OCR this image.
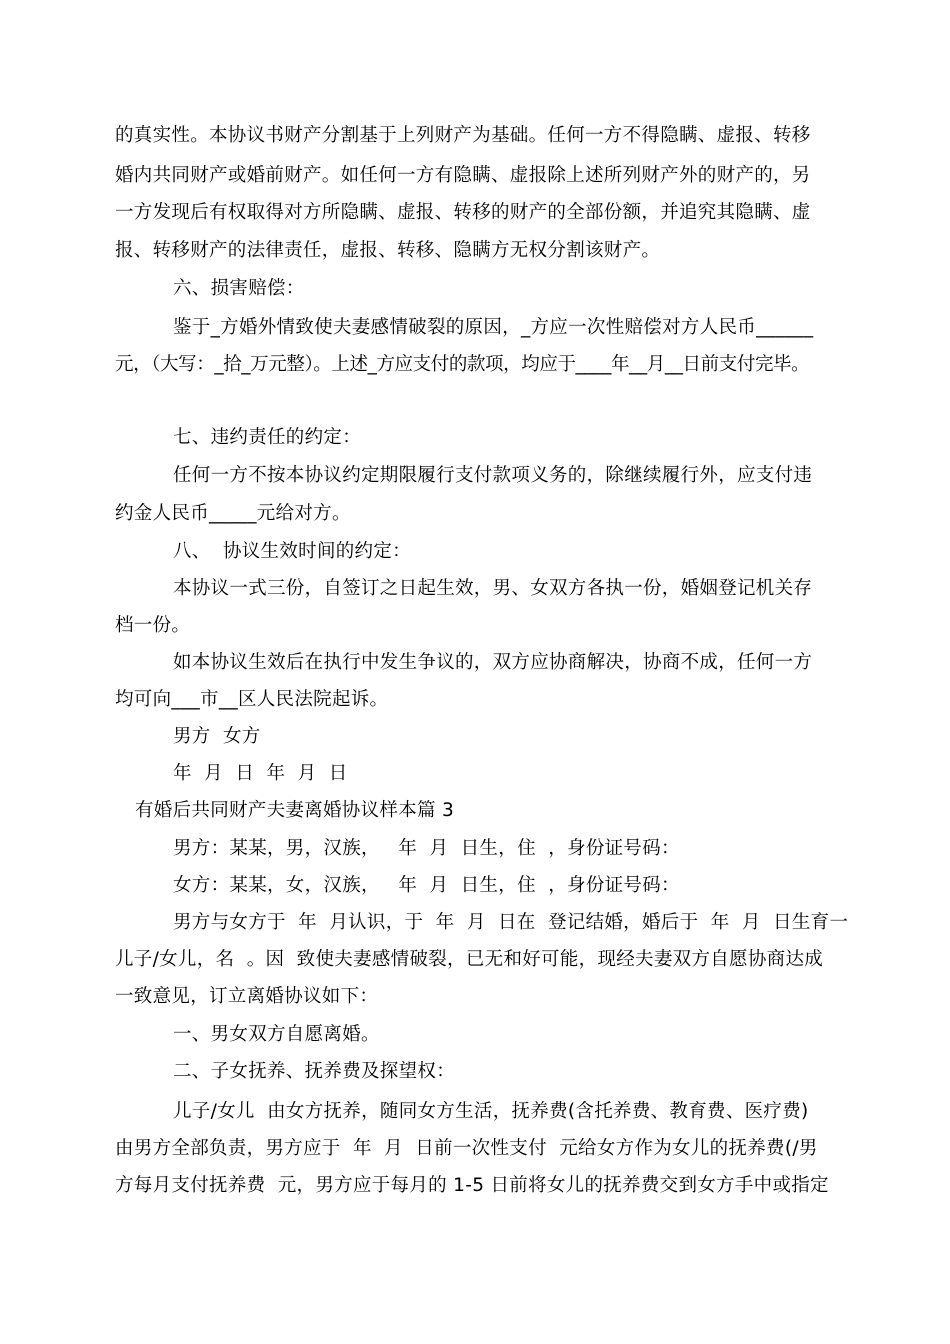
的真实性。本协议书财产分割基于上列财产为基础。任何一方不得隐瞒、虚报、转移
婚内共同财产或婚前财产。如任何一方有隐瞒、虚报除上述所列财产外的财产的，另
一方发现后有权取得对方所隐瞒、虚报、转移的财产的全部份额，并追究其隐瞒、虚
报、转移财产的法律责任，虚报、转移、隐瞒方无权分割该财产。
六、损害赔偿：
鉴于_方婚外情致使夫妻感情破裂的原因，_方应一次性赔偿对方人民币______
元，（大写：_拾_万元整）。上述_方应支付的款项，均应于____年__月__日前支付完毕。
七、违约责任的约定：
任何一方不按本协议约定期限履行支付款项义务的，除继续履行外，应支付违
约金人民币_____元给对方。
八、  协议生效时间的约定：
本协议一式三份，自签订之日起生效，男、女双方各执一份，婚姻登记机关存
档一份。
如本协议生效后在执行中发生争议的，双方应协商解决，协商不成，任何一方
均可向___市__区人民法院起诉。
男方  女方
年  月  日  年  月  日
有婚后共同财产夫妻离婚协议样本篇 3
男方：某某，男，汉族，   年  月  日生，住  ，身份证号码：
女方：某某，女，汉族，   年  月  日生，住  ，身份证号码：
男方与女方于  年  月认识，于  年  月  日在  登记结婚，婚后于  年  月  日生育一
儿子/女儿，名  。因  致使夫妻感情破裂，已无和好可能，现经夫妻双方自愿协商达成
一致意见，订立离婚协议如下：
一、男女双方自愿离婚。
二、子女抚养、抚养费及探望权：
儿子/女儿  由女方抚养，随同女方生活，抚养费(含托养费、教育费、医疗费)
由男方全部负责，男方应于  年  月  日前一次性支付  元给女方作为女儿的抚养费(/男
方每月支付抚养费  元，男方应于每月的 1-5 日前将女儿的抚养费交到女方手中或指定
